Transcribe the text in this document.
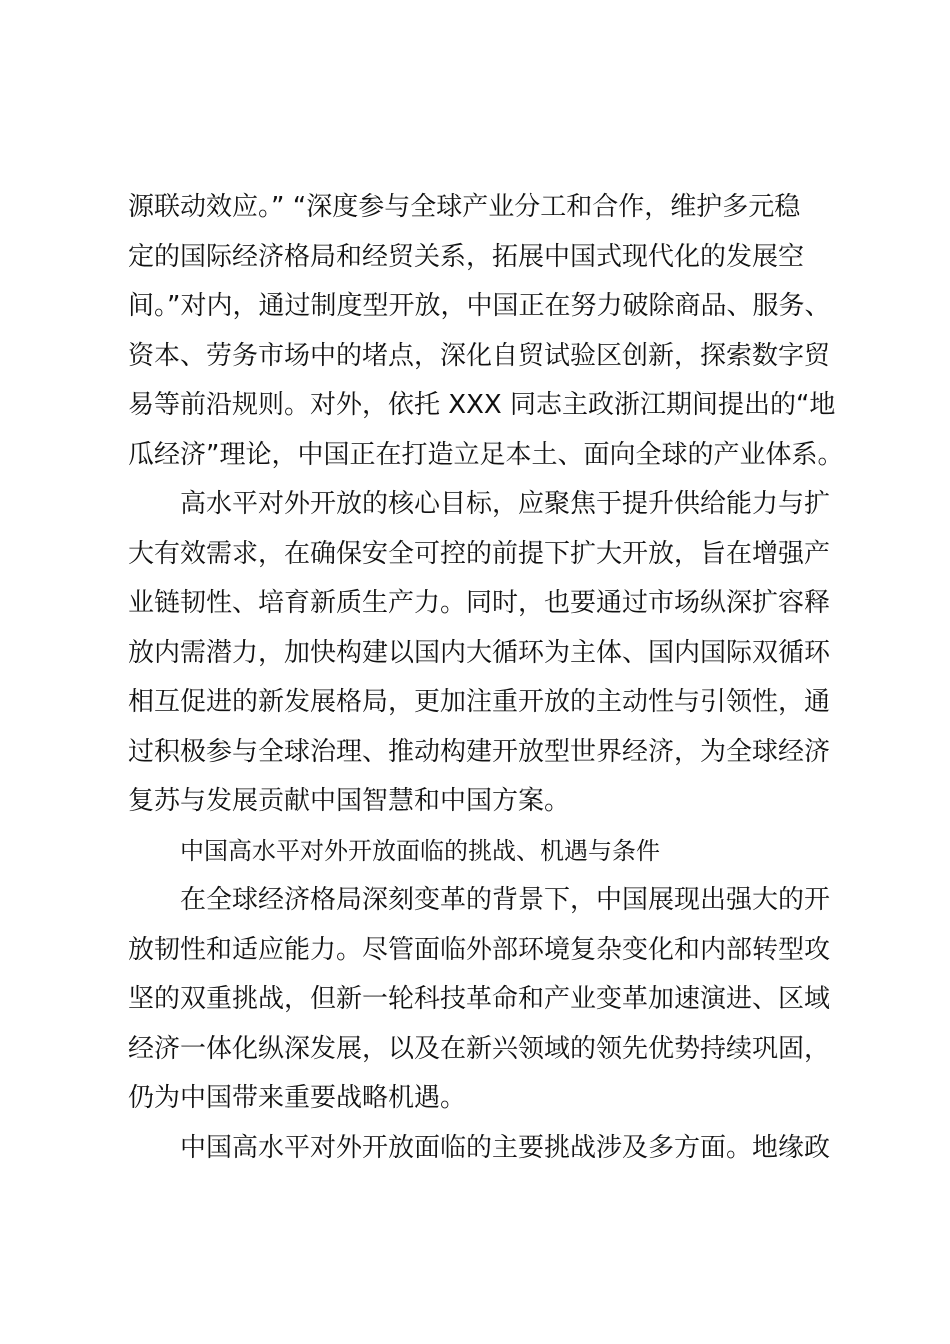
源联动效应。” “深度参与全球产业分工和合作，维护多元稳
定的国际经济格局和经贸关系，拓展中国式现代化的发展空
间。”对内，通过制度型开放，中国正在努力破除商品、服务、
资本、劳务市场中的堵点，深化自贸试验区创新，探索数字贸
易等前沿规则。对外，依托 XXX 同志主政浙江期间提出的“地
瓜经济”理论，中国正在打造立足本土、面向全球的产业体系。
高水平对外开放的核心目标，应聚焦于提升供给能力与扩
大有效需求，在确保安全可控的前提下扩大开放，旨在增强产
业链韧性、培育新质生产力。同时，也要通过市场纵深扩容释
放内需潜力，加快构建以国内大循环为主体、国内国际双循环
相互促进的新发展格局，更加注重开放的主动性与引领性，通
过积极参与全球治理、推动构建开放型世界经济，为全球经济
复苏与发展贡献中国智慧和中国方案。
中国高水平对外开放面临的挑战、机遇与条件
在全球经济格局深刻变革的背景下，中国展现出强大的开
放韧性和适应能力。尽管面临外部环境复杂变化和内部转型攻
坚的双重挑战，但新一轮科技革命和产业变革加速演进、区域
经济一体化纵深发展，以及在新兴领域的领先优势持续巩固，
仍为中国带来重要战略机遇。
中国高水平对外开放面临的主要挑战涉及多方面。地缘政
